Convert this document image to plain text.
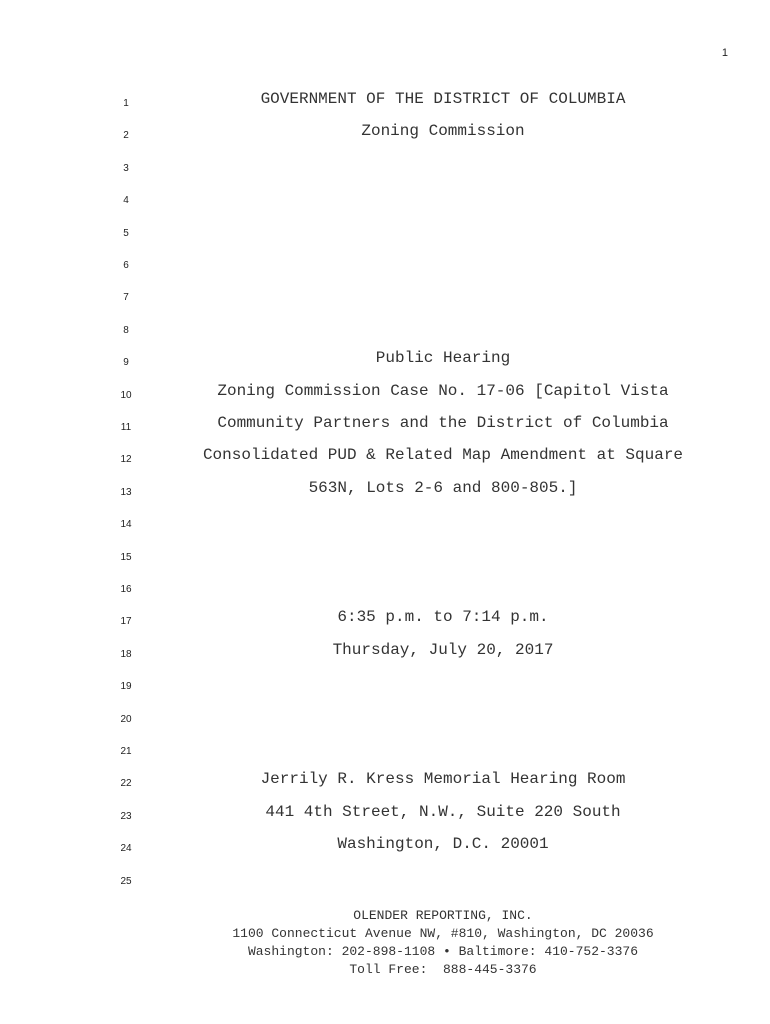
1
1	GOVERNMENT OF THE DISTRICT OF COLUMBIA
2	Zoning Commission
3
4
5
6
7
8
9	Public Hearing
10	Zoning Commission Case No. 17-06 [Capitol Vista
11	Community Partners and the District of Columbia
12	Consolidated PUD & Related Map Amendment at Square
13	563N, Lots 2-6 and 800-805.]
14
15
16
17	6:35 p.m. to 7:14 p.m.
18	Thursday, July 20, 2017
19
20
21
22	Jerrily R. Kress Memorial Hearing Room
23	441 4th Street, N.W., Suite 220 South
24	Washington, D.C. 20001
25
OLENDER REPORTING, INC.
1100 Connecticut Avenue NW, #810, Washington, DC 20036
Washington: 202-898-1108 • Baltimore: 410-752-3376
Toll Free:  888-445-3376
